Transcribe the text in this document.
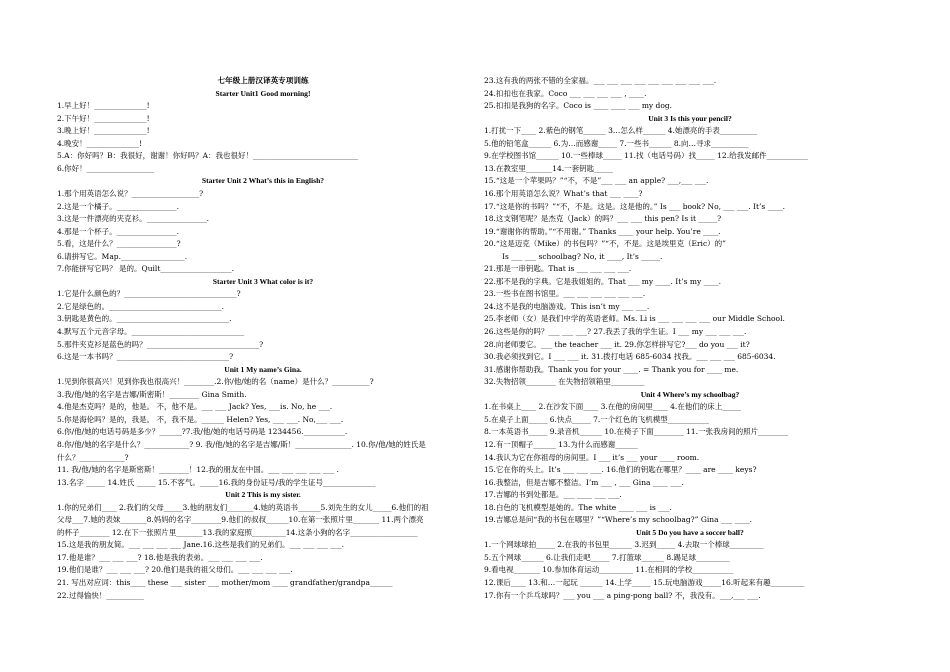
七年级上册汉译英专项训练
Starter Unit1 Good morning!
1.早上好！______________!
2.下午好！______________!
3.晚上好！______________!
4.晚安！______________!
5.A：你好吗？B：我很好，谢谢！你好吗？A：我也很好！____________________________
6.你好！__________________
Starter Unit 2 What’s this in English?
1.那个用英语怎么说？__________________?
2.这是一个橘子。________________.
3.这是一件漂亮的夹克衫。________________.
4.那是一个杯子。________________.
5.看，这是什么？________________?
6.请拼写它。Map._________________.
7.你能拼写它吗？ 是的。Quilt___________________.
Starter Unit 3 What color is it?
1.它是什么颜色的？______________________________?
2.它是绿色的。______________________________.
3.钥匙是黄色的。______________________________.
4.默写五个元音字母。______________________________
5.那件夹克衫是蓝色的吗？______________________________?
6.这是一本书吗？______________________________?
Unit 1 My name’s Gina.
1.见到你很高兴！见到你我也很高兴！________.2.你/他/她的名（name）是什么？__________?
3.我/他/她的名字是吉娜/斯密斯！________ Gina Smith.
4.他是杰克吗？是的，他是。 不，他不是。___ ___ Jack? Yes, ___is. No, he ___.
5.你是海伦吗？是的，我是。 不，我不是。______ Helen? Yes, ___ ___. No,___ ___.
6.你/他/她的电话号码是多少？______?7.我/他/她的电话号码是 1234456.___________.
8.你/他/她的名字是什么？____________? 9. 我/他/她的名字是吉娜/斯！_______________. 10.你/他/她的姓氏是
什么？____________?
11. 我/他/她的名字是斯密斯！________！12.我的朋友在中国。___ ___ ___ ___ ___ .
13.名字 _____ 14.姓氏 _____ 15.不客气。_____16.我的身份证号/我的学生证号______________
Unit 2 This is my sister.
1.你的兄弟们____ 2.我们的父母_____3.他的朋友们_______4.她的英语书______5.刘先生的女儿_____6.他们的祖
父母___7.她的表妹_______8.妈妈的名字________9.他们的叔叔______10.在第一张照片里_______ 11.两个漂亮
的杯子________ 12.在下一张照片里_______13.我的家庭照_________14.这条小狗的名字__________________
15.这是我的朋友简。___ ___ ___ ___ Jane.16.这些是我们的兄弟们。___ ___ ___ ___.
17.他是谁？___ ___ ___? 18.他是我的表弟。___ ___ ___ ___.
19.他们是谁？___ ___ ___? 20.他们是我的祖父母们。___ ___ ___ ___.
21. 写出对应词：this____ these ___ sister ___ mother/mom ____ grandfather/grandpa______
22.过得愉快！__________
23.这有我的两张不错的全家福。___ ___ ___ ___ ___ ___ ___ ___ ___.
24.扣扣也在我家。Coco ___ ___ ___ ___ , ____.
25.扣扣是我狗的名字。Coco is ____ ____ ___ my dog.
Unit 3 Is this your pencil?
1.打扰一下____ 2.紫色的钢笔______ 3…怎么样______ 4.她漂亮的手表__________
5.他的铅笔盒______ 6.为…而感谢_____ 7.一些书______ 8.向…寻求__________
9.在学校图书馆______ 10.一些棒球_____ 11.找（电话号码）找_____ 12.给我发邮件___________
13.在教室里_______14.一套钥匙_____
15.“这是一个苹果吗？”“不，不是”___ ___ an apple? ___,___ ___.
16.那个用英语怎么说？What’s that ___ ____?
17.“这是你的书吗？”“不，不是。这是。这是他的。” Is ___ book? No, ___ ___. It’s ____.
18.这支钢笔呢？是杰克（Jack）的吗？___ ___ this pen? Is it _____?
19.“谢谢你的帮助。”“不用谢。” Thanks ____ your help. You’re ____.
20.“这是迈克（Mike）的书包吗？”“不，不是。这是埃里克（Eric）的”
Is ___ ___ schoolbag? No, it ____, It’s _____.
21.那是一串钥匙。That is ___ ___ ___ ___.
22.那不是我的字典。它是我姐姐的。That ___ my ____. It’s my ____.
23.一些书在图书馆里。___ ___ ___ ___ ___ ___.
24.这不是我的电脑游戏。This isn’t my ___ ___.
25.李老师（女）是我们中学的英语老师。Ms. Li is ___ ___ ___ ___ our Middle School.
26.这些是你的吗？___ ___ ___? 27.我丢了我的学生证。I ___ my ___ ___ ___.
28.向老师要它。___ the teacher ___ it. 29.你怎样拼写它?___ do you ___ it?
30.我必须找到它。I ___ ___ it. 31.拨打电话 685-6034 找我。___ ___ ___ 685-6034.
31.感谢你帮助我。Thank you for your ____. = Thank you for ____ me.
32.失物招领________ 在失物招领箱里_________
Unit 4 Where’s my schoolbag?
1.在书桌上____ 2.在沙发下面____ 3.在他的房间里____ 4.在他们的床上_____
5.在桌子上面_____ 6.快点_____ 7.一个红色的飞机模型___________
8.一本英语书_____ 9.录音机______ 10.在椅子下面________ 11.一张我房间的照片________
12.有一顶帽子______ 13.为什么而感谢______
14.我认为它在你祖母的房间里。I ___ it’s ___ your ____ room.
15.它在你的头上。It’s ___ ___ ___. 16.他们的钥匙在哪里？____ are ____ keys?
16.我整洁，但是吉娜不整洁。I’m ___ , ___ Gina ____ ___.
17.吉娜的书到处都是。___ ____ ___ ___.
18.白色的飞机模型是她的。The white ____ ___ is ___.
19.吉娜总是问“我的书包在哪里？”“Where’s my schoolbag?” Gina ___ ____.
Unit 5 Do you have a soccer ball?
1.一个网球球拍_____ 2.在我的书包里______ 3.迟到_____ 4.去取一个棒球_________
5.五个网球______ 6.让我们走吧_____ 7.打篮球______ 8.踢足球_________
9.看电视_______ 10.参加体育运动_________ 11.在相同的学校___________
12.课后____ 13.和…一起玩 ______ 14.上学_____ 15.玩电脑游戏_____16.听起来有趣_________
17.你有一个乒乓球吗？___ you ___ a ping-pong ball? 不，我没有。___,___ ___.
